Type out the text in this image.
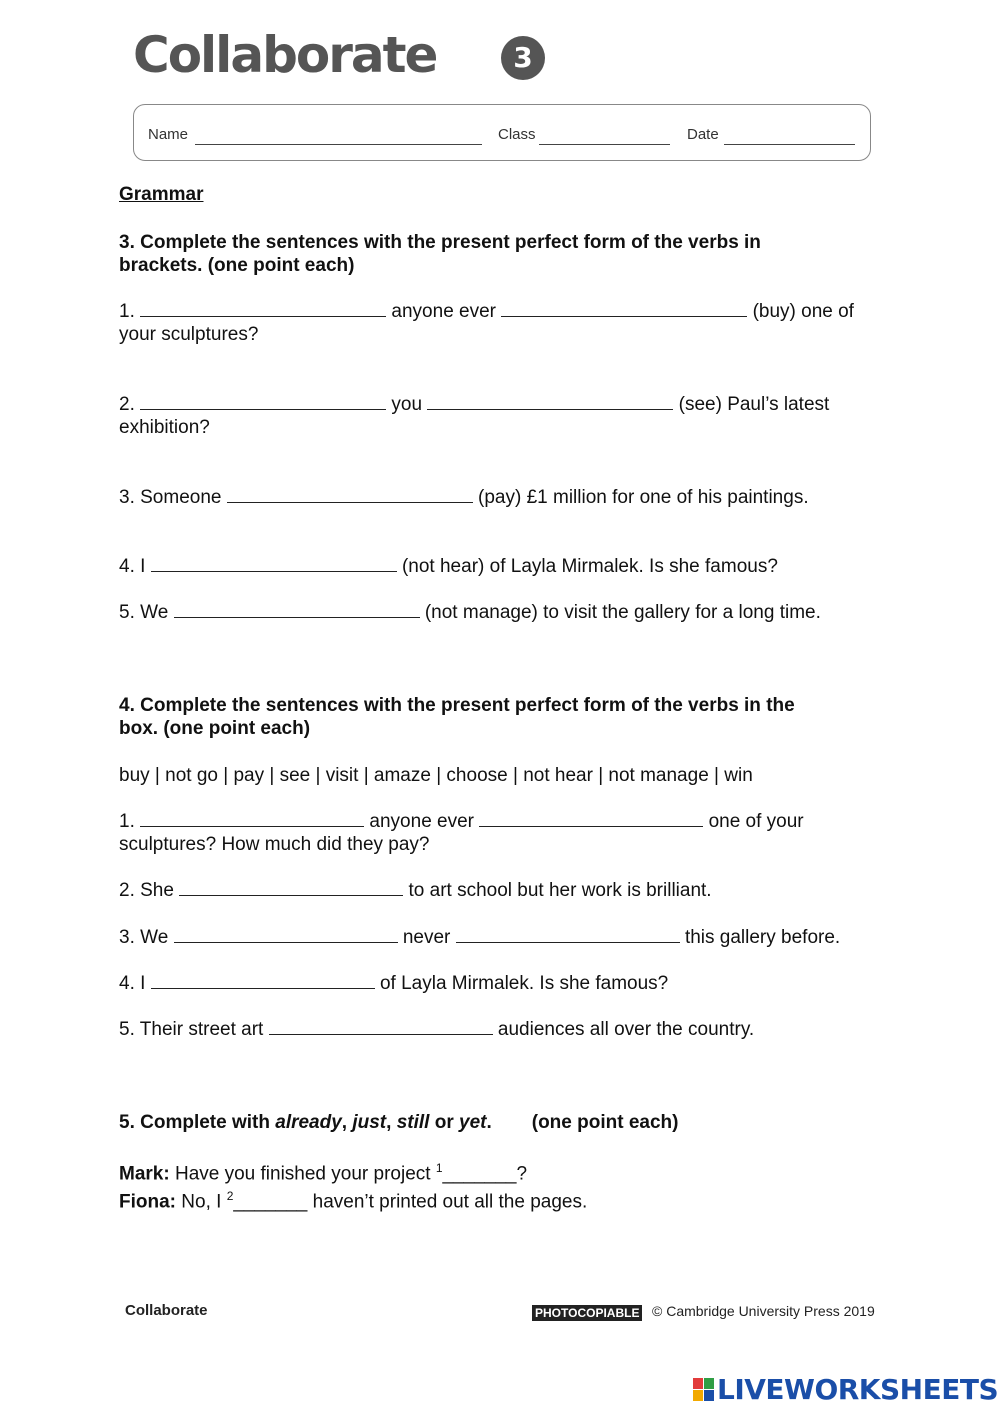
Collaborate	3
Name	Class	Date
Grammar
3. Complete the sentences with the present perfect form of the verbs in
brackets. (one point each)
1.	anyone ever	(buy) one of
your sculptures?
2.	you	(see) Paul’s latest
exhibition?
3. Someone	(pay) £1 million for one of his paintings.
4. I	(not hear) of Layla Mirmalek. Is she famous?
5. We	(not manage) to visit the gallery for a long time.
4. Complete the sentences with the present perfect form of the verbs in the
box. (one point each)
buy | not go | pay | see | visit | amaze | choose | not hear | not manage | win
1.	anyone ever	one of your
sculptures? How much did they pay?
2. She	to art school but her work is brilliant.
3. We	never	this gallery before.
4. I	of Layla Mirmalek. Is she famous?
5. Their street art	audiences all over the country.
5. Complete with already, just, still or yet. (one point each)
Mark: Have you finished your project $^1$_______?
Fiona: No, I $^2$_______ haven’t printed out all the pages.
Collaborate	PHOTOCOPIABLE © Cambridge University Press 2019
LIVEWORKSHEETS
